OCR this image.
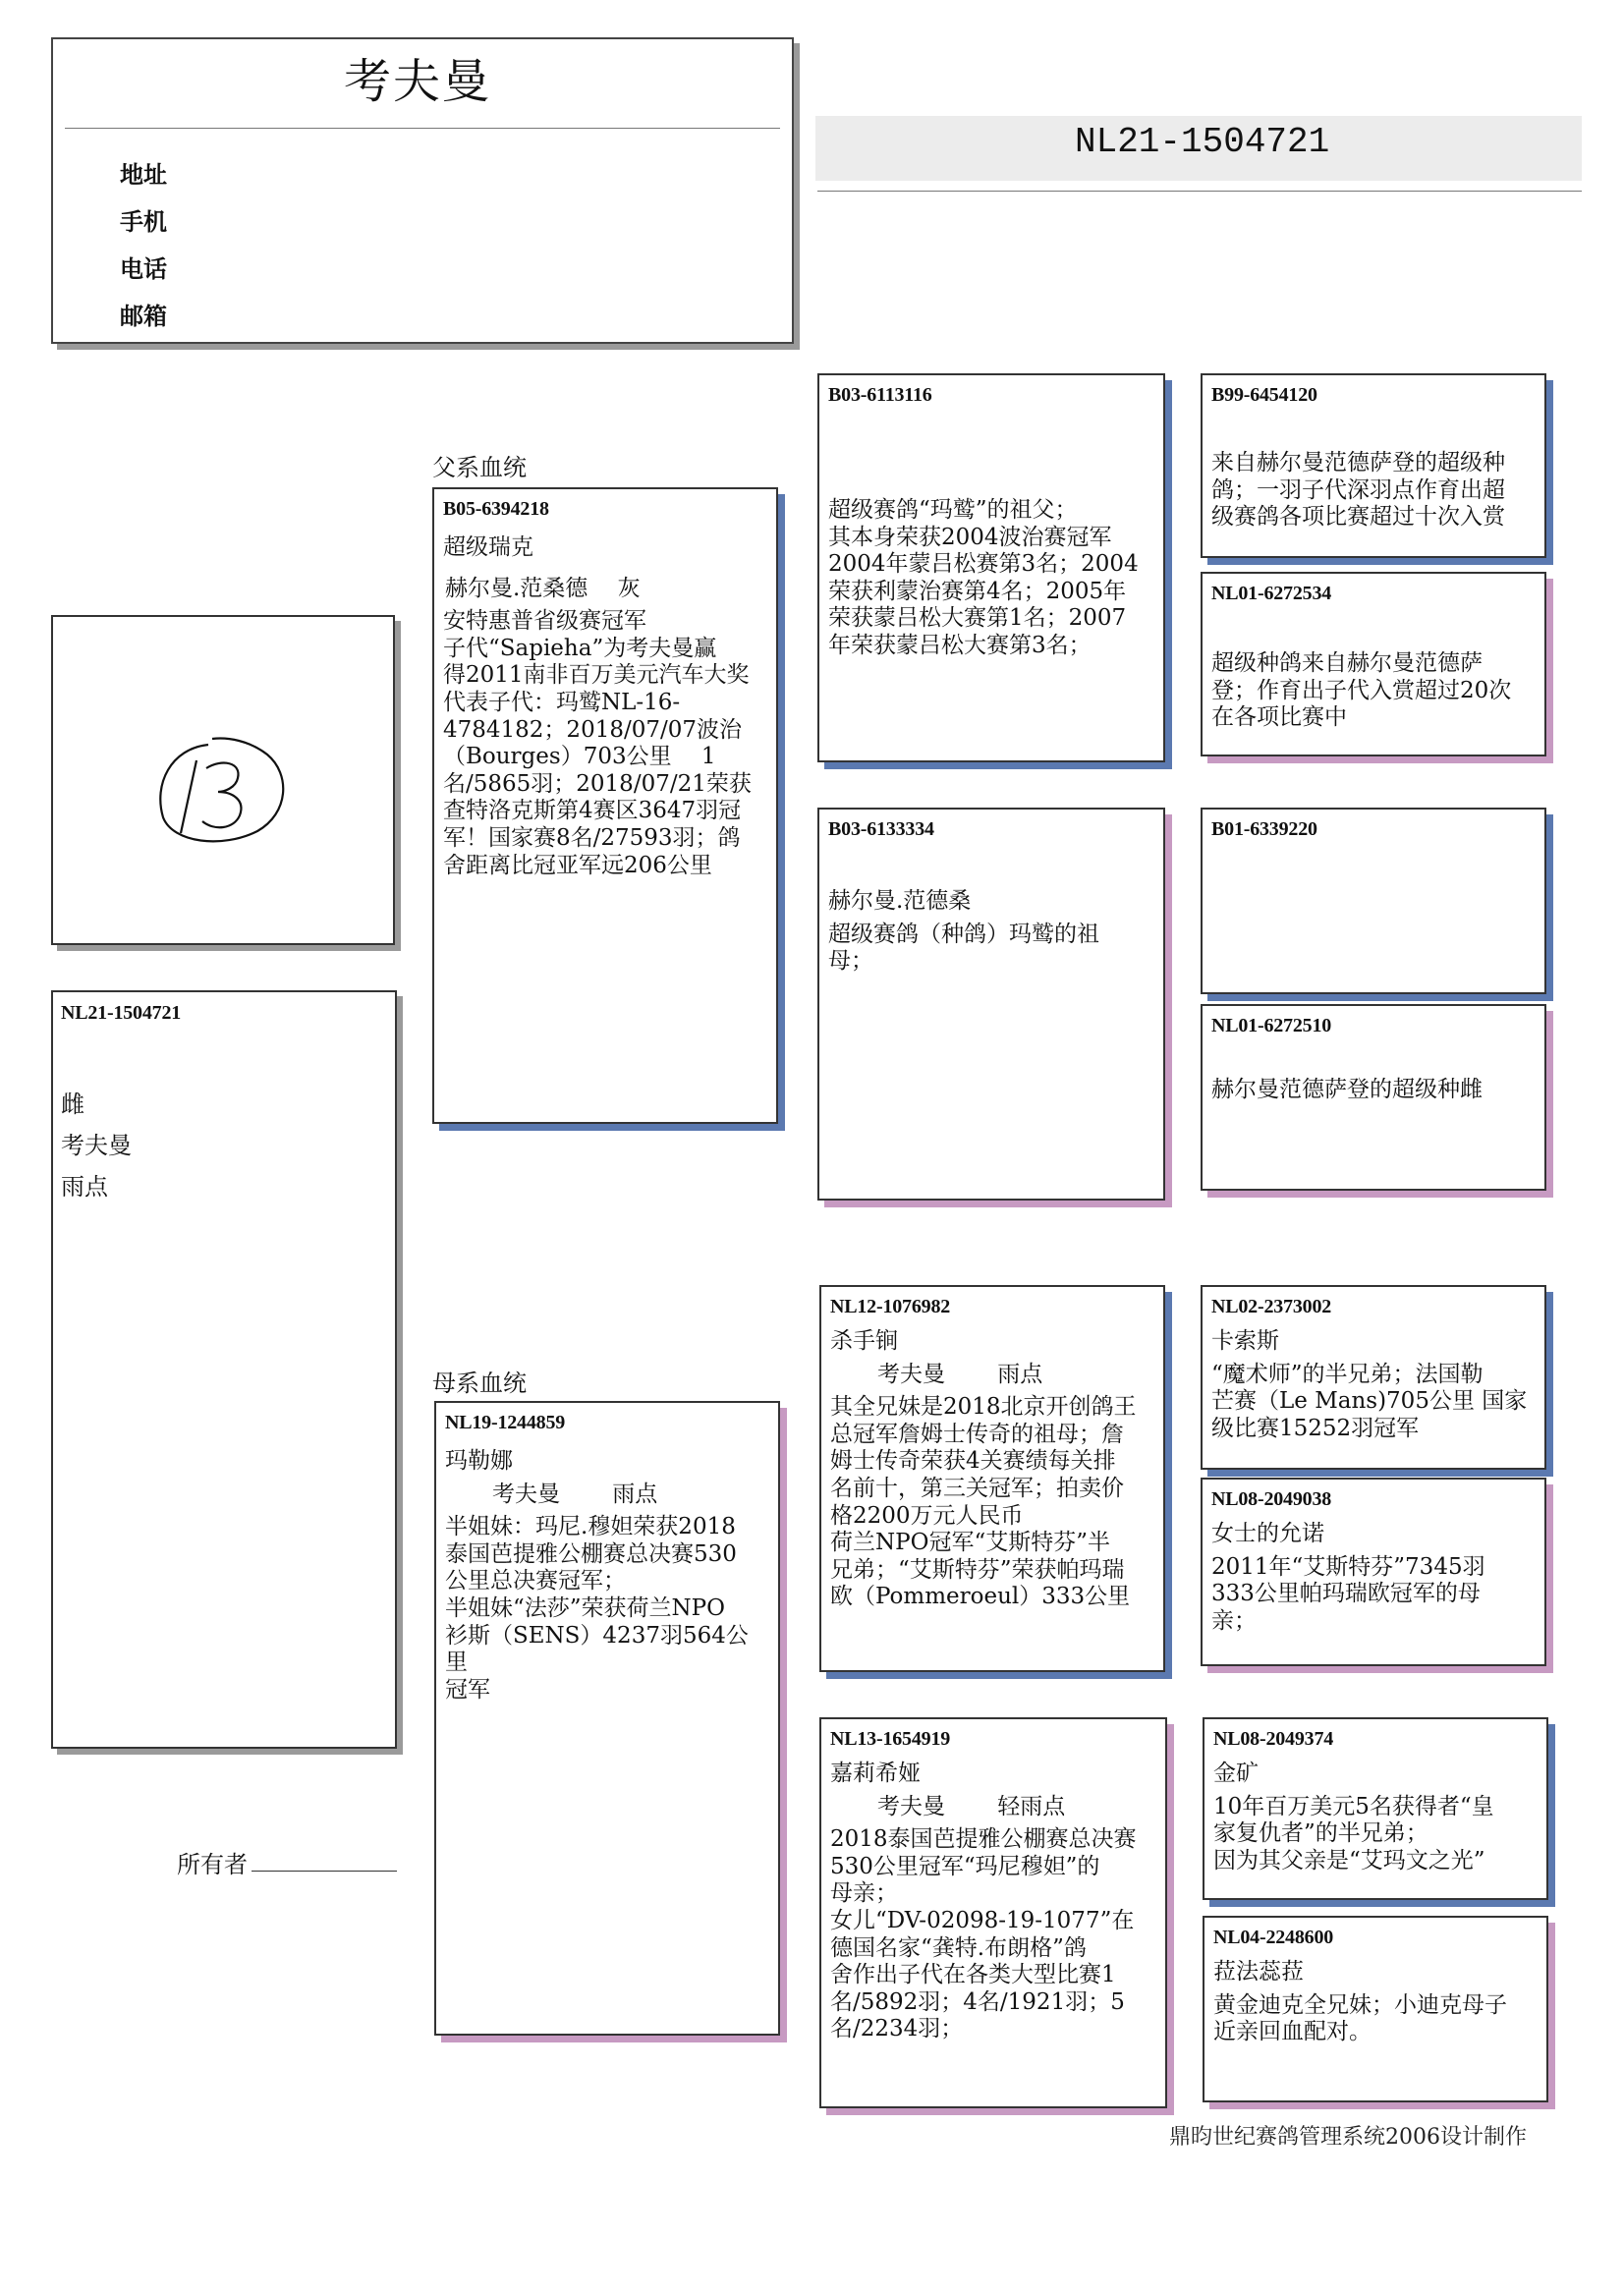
考夫曼
地址
手机
电话
邮箱
NL21-1504721
NL21-1504721
雌
考夫曼
雨点
所有者
父系血统
母系血统
B05-6394218
超级瑞克
赫尔曼.范桑德　 灰
安特惠普省级赛冠军
子代“Sapieha”为考夫曼赢
得2011南非百万美元汽车大奖
代表子代：玛鹫NL-16-
4784182；2018/07/07波治
（Bourges）703公里　 1
名/5865羽；2018/07/21荣获
查特洛克斯第4赛区3647羽冠
军！国家赛8名/27593羽；鸽
舍距离比冠亚军远206公里
NL19-1244859
玛勒娜
　　考夫曼　　 雨点
半姐妹：玛尼.穆妲荣获2018
泰国芭提雅公棚赛总决赛530
公里总决赛冠军；
半姐妹“法莎”荣获荷兰NPO
衫斯（SENS）4237羽564公里
冠军
B03-6113116
超级赛鸽“玛鹫”的祖父；
其本身荣获2004波治赛冠军
2004年蒙吕松赛第3名；2004
荣获利蒙治赛第4名；2005年
荣获蒙吕松大赛第1名；2007
年荣获蒙吕松大赛第3名；
B03-6133334
赫尔曼.范德桑
超级赛鸽（种鸽）玛鹫的祖
母；
NL12-1076982
杀手锏
　　考夫曼　　 雨点
其全兄妹是2018北京开创鸽王
总冠军詹姆士传奇的祖母；詹
姆士传奇荣获4关赛绩每关排
名前十，第三关冠军；拍卖价
格2200万元人民币
荷兰NPO冠军“艾斯特芬”半
兄弟；“艾斯特芬”荣获帕玛瑞
欧（Pommeroeul）333公里
NL13-1654919
嘉莉希娅
　　考夫曼　　 轻雨点
2018泰国芭提雅公棚赛总决赛
530公里冠军“玛尼穆妲”的
母亲；
女儿“DV-02098-19-1077”在
德国名家“龚特.布朗格”鸽
舍作出子代在各类大型比赛1
名/5892羽；4名/1921羽；5
名/2234羽；
B99-6454120
来自赫尔曼范德萨登的超级种
鸽；一羽子代深羽点作育出超
级赛鸽各项比赛超过十次入赏
NL01-6272534
超级种鸽来自赫尔曼范德萨
登；作育出子代入赏超过20次
在各项比赛中
B01-6339220
NL01-6272510
赫尔曼范德萨登的超级种雌
NL02-2373002
卡索斯
“魔术师”的半兄弟；法国勒
芒赛（Le Mans)705公里 国家
级比赛15252羽冠军
NL08-2049038
女士的允诺
2011年“艾斯特芬”7345羽
333公里帕玛瑞欧冠军的母
亲；
NL08-2049374
金矿
10年百万美元5名获得者“皇
家复仇者”的半兄弟；
因为其父亲是“艾玛文之光”
NL04-2248600
菈法蕊菈
黄金迪克全兄妹；小迪克母子
近亲回血配对。
鼎昀世纪赛鸽管理系统2006设计制作
